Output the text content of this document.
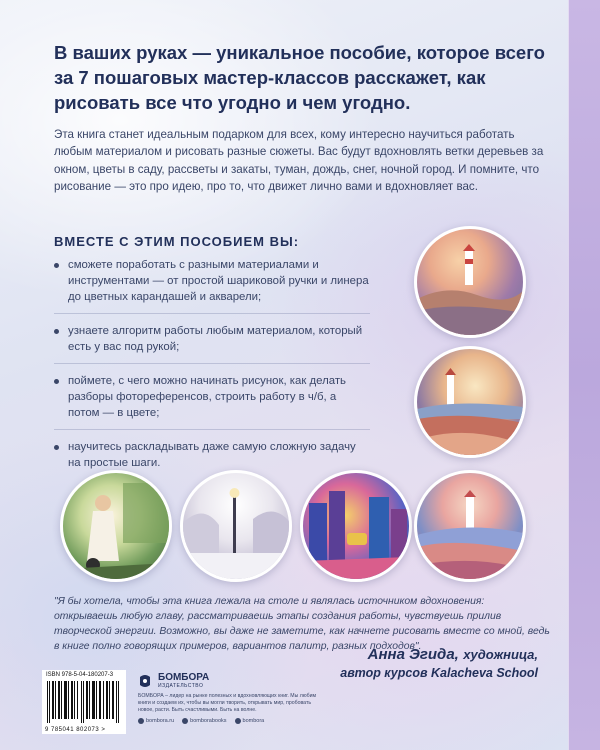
В ваших руках — уникальное пособие, которое всего за 7 пошаговых мастер-классов расскажет, как рисовать все что угодно и чем угодно.
Эта книга станет идеальным подарком для всех, кому интересно научиться работать любым материалом и рисовать разные сюжеты. Вас будут вдохновлять ветки деревьев за окном, цветы в саду, рассветы и закаты, туман, дождь, снег, ночной город. И помните, что рисование — это про идею, про то, что движет лично вами и вдохновляет вас.
ВМЕСТЕ С ЭТИМ ПОСОБИЕМ ВЫ:
сможете поработать с разными материалами и инструментами — от простой шариковой ручки и линера до цветных карандашей и акварели;
узнаете алгоритм работы любым материалом, который есть у вас под рукой;
поймете, с чего можно начинать рисунок, как делать разборы фотореференсов, строить работу в ч/б, а потом — в цвете;
научитесь раскладывать даже самую сложную задачу на простые шаги.
"Я бы хотела, чтобы эта книга лежала на столе и являлась источником вдохновения: открываешь любую главу, рассматриваешь этапы создания работы, чувствуешь прилив творческой энергии. Возможно, вы даже не заметите, как начнете рисовать вместе со мной, ведь в книге полно говорящих примеров, вариантов палитр, разных подходов".
Анна Эгида, художница,
автор курсов Kalacheva School
ISBN 978-5-04-180207-3
9 785041 802073 >
БОМБОРА
ИЗДАТЕЛЬСТВО
БОМБОРА – лидер на рынке полезных и вдохновляющих книг. Мы любим книги и создаем их, чтобы вы могли творить, открывать мир, пробовать новое, расти. Быть счастливыми. Быть на волне.
bombora.ru	bomborabooks	bombora
